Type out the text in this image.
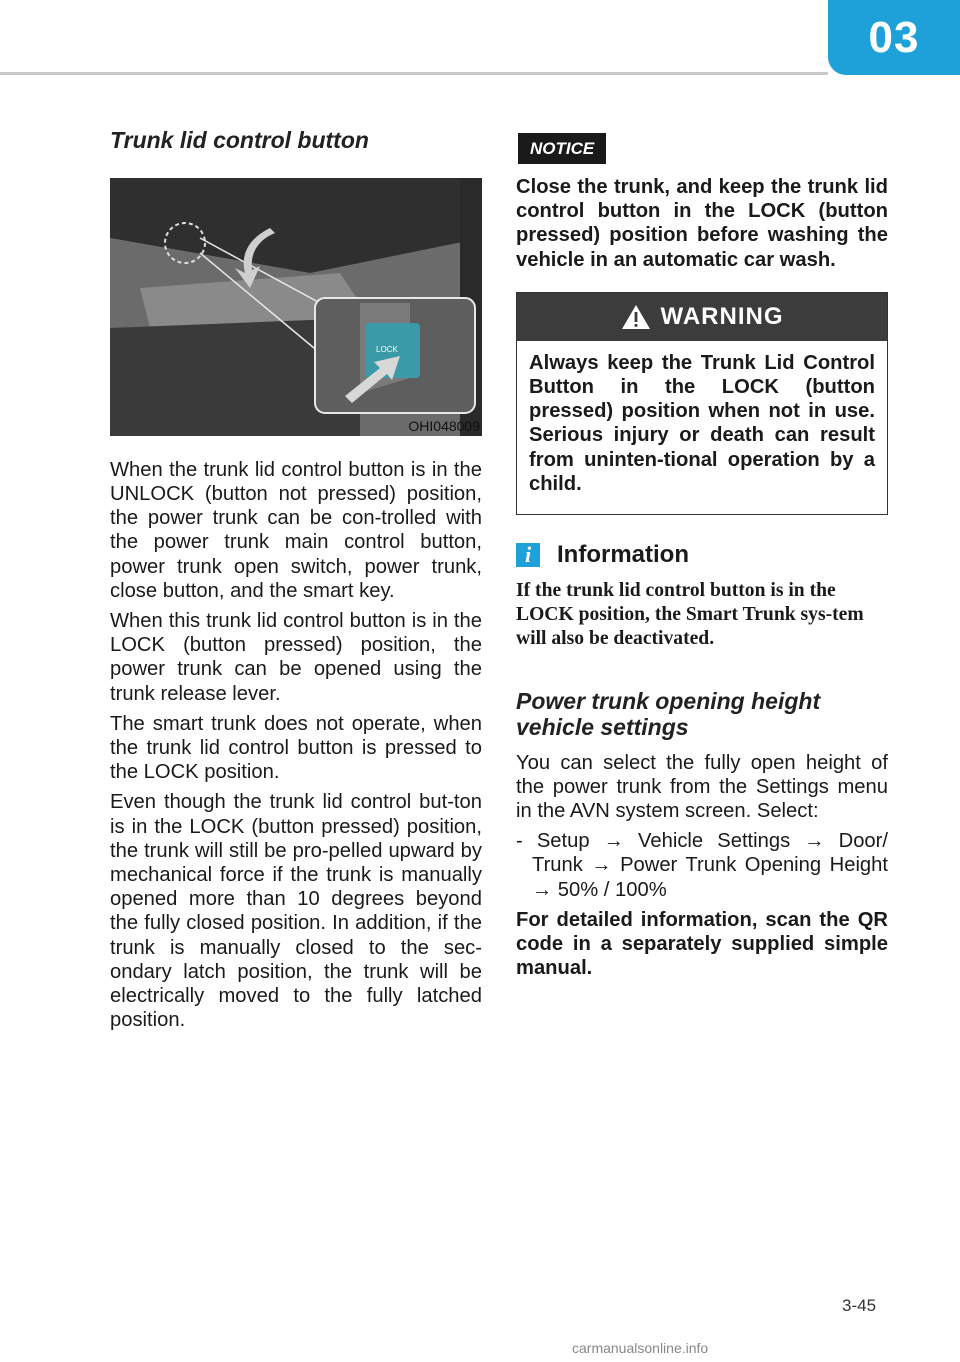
03
Trunk lid control button
LOCK
OHI048009

When the trunk lid control button is in the UNLOCK (button not pressed) position, the power trunk can be con-trolled with the power trunk main control button, power trunk open switch, power trunk, close button, and the smart key.

When this trunk lid control button is in the LOCK (button pressed) position, the power trunk can be opened using the trunk release lever.

The smart trunk does not operate, when the trunk lid control button is pressed to the LOCK position.

Even though the trunk lid control but-ton is in the LOCK (button pressed) position, the trunk will still be pro-pelled upward by mechanical force if the trunk is manually opened more than 10 degrees beyond the fully closed position. In addition, if the trunk is manually closed to the sec-ondary latch position, the trunk will be electrically moved to the fully latched position.

NOTICE

Close the trunk, and keep the trunk lid control button in the LOCK (button pressed) position before washing the vehicle in an automatic car wash.

WARNING

Always keep the Trunk Lid Control Button in the LOCK (button pressed) position when not in use. Serious injury or death can result from uninten-tional operation by a child.

i	Information

If the trunk lid control button is in the LOCK position, the Smart Trunk sys-tem will also be deactivated.

Power trunk opening height vehicle settings

You can select the fully open height of the power trunk from the Settings menu in the AVN system screen. Select:

- Setup → Vehicle Settings → Door/ Trunk → Power Trunk Opening Height → 50% / 100%

For detailed information, scan the QR code in a separately supplied simple manual.

3-45
carmanualsonline.info
